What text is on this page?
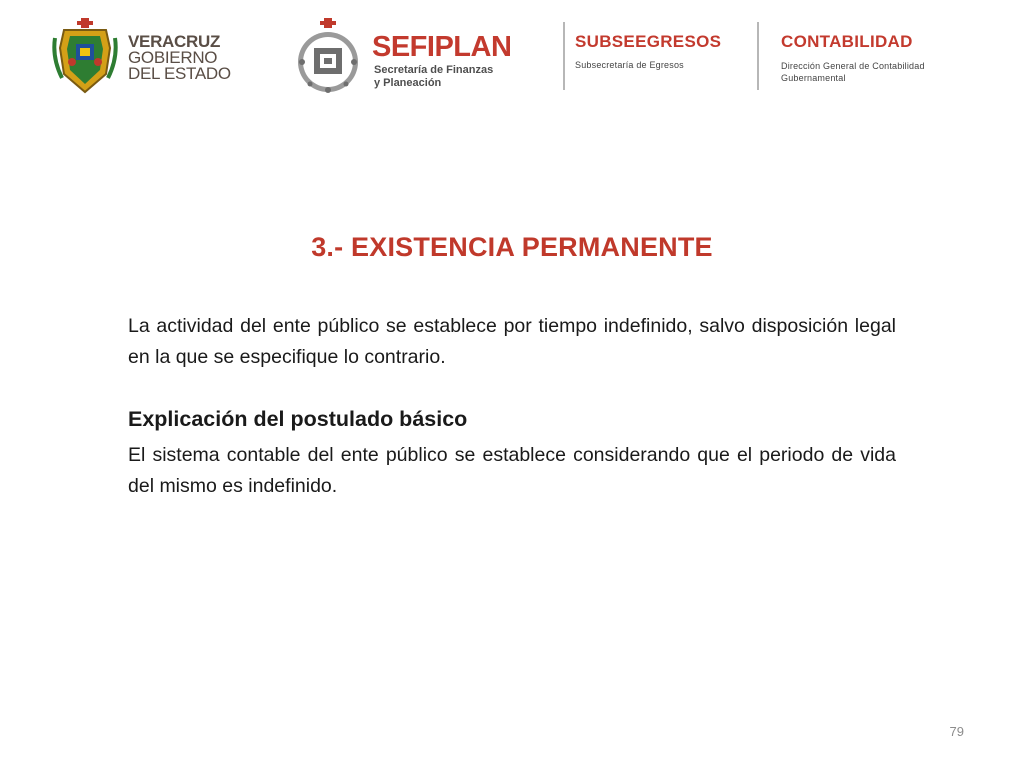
VERACRUZ
GOBIERNO
DEL ESTADO
SEFIPLAN
Secretaría de Finanzas
y Planeación
SUBSEEGRESOS
Subsecretaría de Egresos
CONTABILIDAD
Dirección General de Contabilidad
Gubernamental
3.- EXISTENCIA PERMANENTE
La actividad del ente público se establece por tiempo indefinido, salvo disposición legal en la que se especifique lo contrario.
Explicación del postulado básico
El sistema contable del ente público se establece considerando que el periodo de vida del mismo es indefinido.
79
